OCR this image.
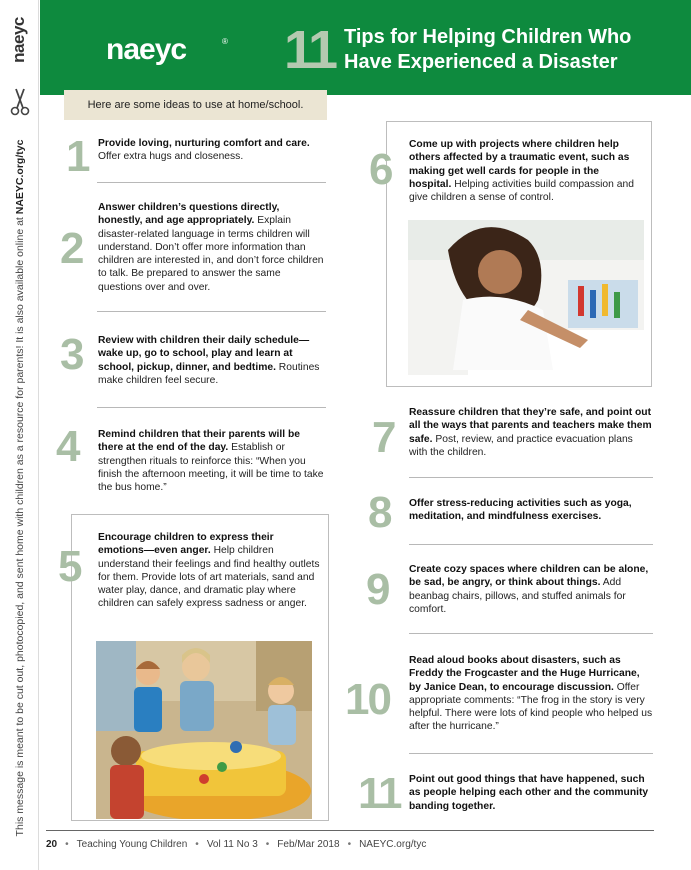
naeyc
This message is meant to be cut out, photocopied, and sent home with children as a resource for parents! It is also available online at NAEYC.org/tyc
naeyc	® 11 Tips for Helping Children Who Have Experienced a Disaster
Here are some ideas to use at home/school.
1 Provide loving, nurturing comfort and care. Offer extra hugs and closeness.
2
Answer children’s questions directly, honestly, and age appropriately. Explain disaster-related language in terms children will understand. Don’t offer more information than children are interested in, and don’t force children to talk. Be prepared to answer the same questions over and over.
3 Review with children their daily schedule—wake up, go to school, play and learn at school, pickup, dinner, and bedtime. Routines make children feel secure.
4 Remind children that their parents will be there at the end of the day. Establish or strengthen rituals to reinforce this: “When you finish the afternoon meeting, it will be time to take the bus home.”
5
Encourage children to express their emotions—even anger. Help children understand their feelings and find healthy outlets for them. Provide lots of art materials, sand and water play, dance, and dramatic play where children can safely express sadness or anger.
6
Come up with projects where children help others affected by a traumatic event, such as making get well cards for people in the hospital. Helping activities build compassion and give children a sense of control.
7
Reassure children that they’re safe, and point out all the ways that parents and teachers make them safe. Post, review, and practice evacuation plans with the children.
8 Offer stress-reducing activities such as yoga, meditation, and mindfulness exercises.
9 Create cozy spaces where children can be alone, be sad, be angry, or think about things. Add beanbag chairs, pillows, and stuffed animals for comfort.
10
Read aloud books about disasters, such as Freddy the Frogcaster and the Huge Hurricane, by Janice Dean, to encourage discussion. Offer appropriate comments: “The frog in the story is very helpful. There were lots of kind people who helped us after the hurricane.”
11 Point out good things that have happened, such as people helping each other and the community banding together.
20 • Teaching Young Children • Vol 11 No 3 • Feb/Mar 2018 • NAEYC.org/tyc
